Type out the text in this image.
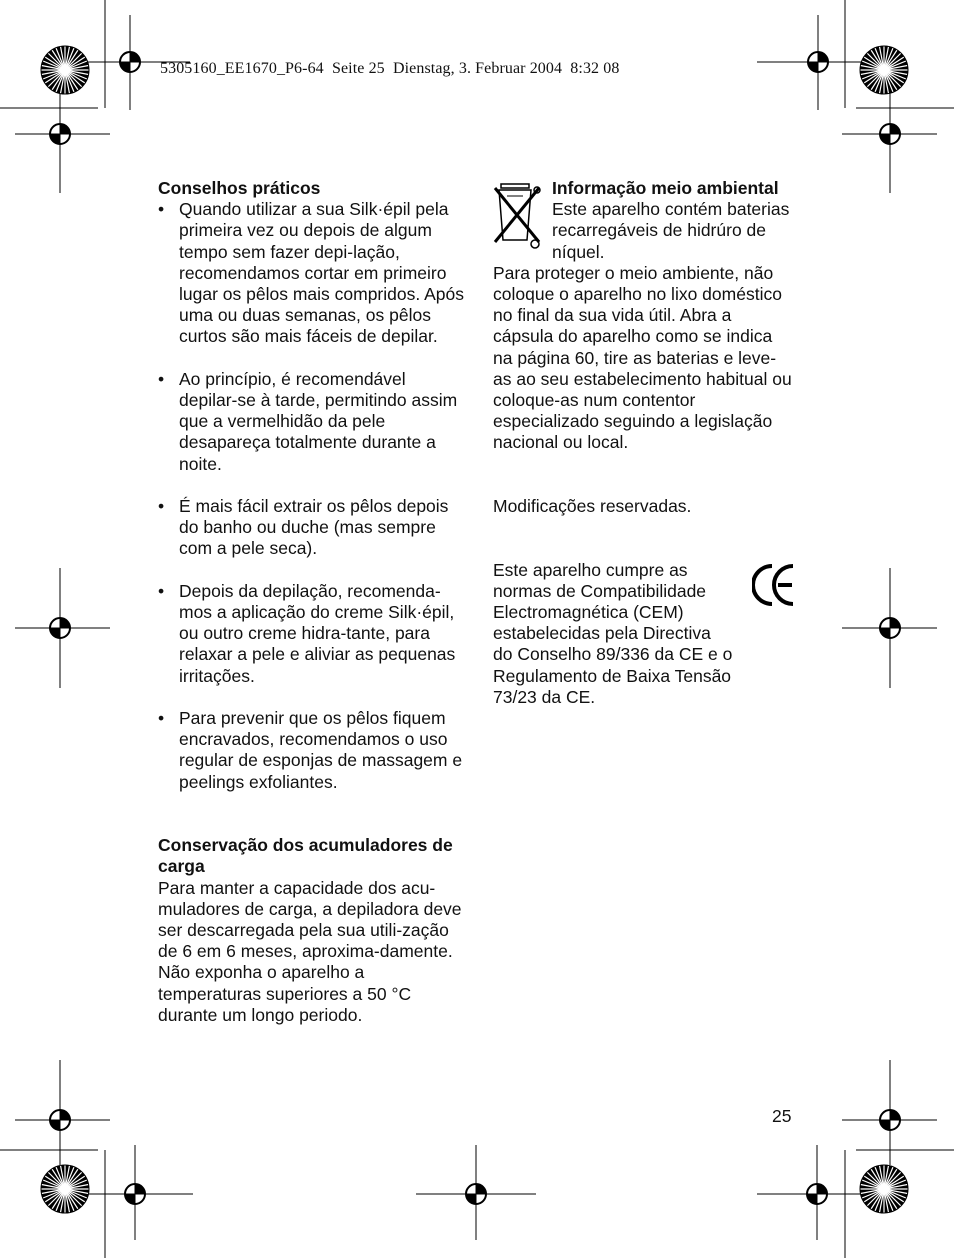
5305160_EE1670_P6-64  Seite 25  Dienstag, 3. Februar 2004  8:32 08

Conselhos práticos

• Quando utilizar a sua Silk·épil pela primeira vez ou depois de algum tempo sem fazer depi-lação, recomendamos cortar em primeiro lugar os pêlos mais compridos. Após uma ou duas semanas, os pêlos curtos são mais fáceis de depilar.
• Ao princípio, é recomendável depilar-se à tarde, permitindo assim que a vermelhidão da pele desapareça totalmente durante a noite.
• É mais fácil extrair os pêlos depois do banho ou duche (mas sempre com a pele seca).
• Depois da depilação, recomenda-mos a aplicação do creme Silk·épil, ou outro creme hidra-tante, para relaxar a pele e aliviar as pequenas irritações.
• Para prevenir que os pêlos fiquem encravados, recomendamos o uso regular de esponjas de massagem e peelings exfoliantes.

Conservação dos acumuladores de carga

Para manter a capacidade dos acu-muladores de carga, a depiladora deve ser descarregada pela sua utili-zação de 6 em 6 meses, aproxima-damente. Não exponha o aparelho a temperaturas superiores a 50 °C durante um longo periodo.

Informação meio ambiental

Este aparelho contém baterias recarregáveis de hidrúro de níquel.

Para proteger o meio ambiente, não coloque o aparelho no lixo doméstico no final da sua vida útil. Abra a cápsula do aparelho como se indica na página 60, tire as baterias e leve-as ao seu estabelecimento habitual ou coloque-as num contentor especializado seguindo a legislação nacional ou local.

Modificações reservadas.

Este aparelho cumpre as normas de Compatibilidade Electromagnética (CEM) estabelecidas pela Directiva do Conselho 89/336 da CE e o Regulamento de Baixa Tensão 73/23 da CE.

25
